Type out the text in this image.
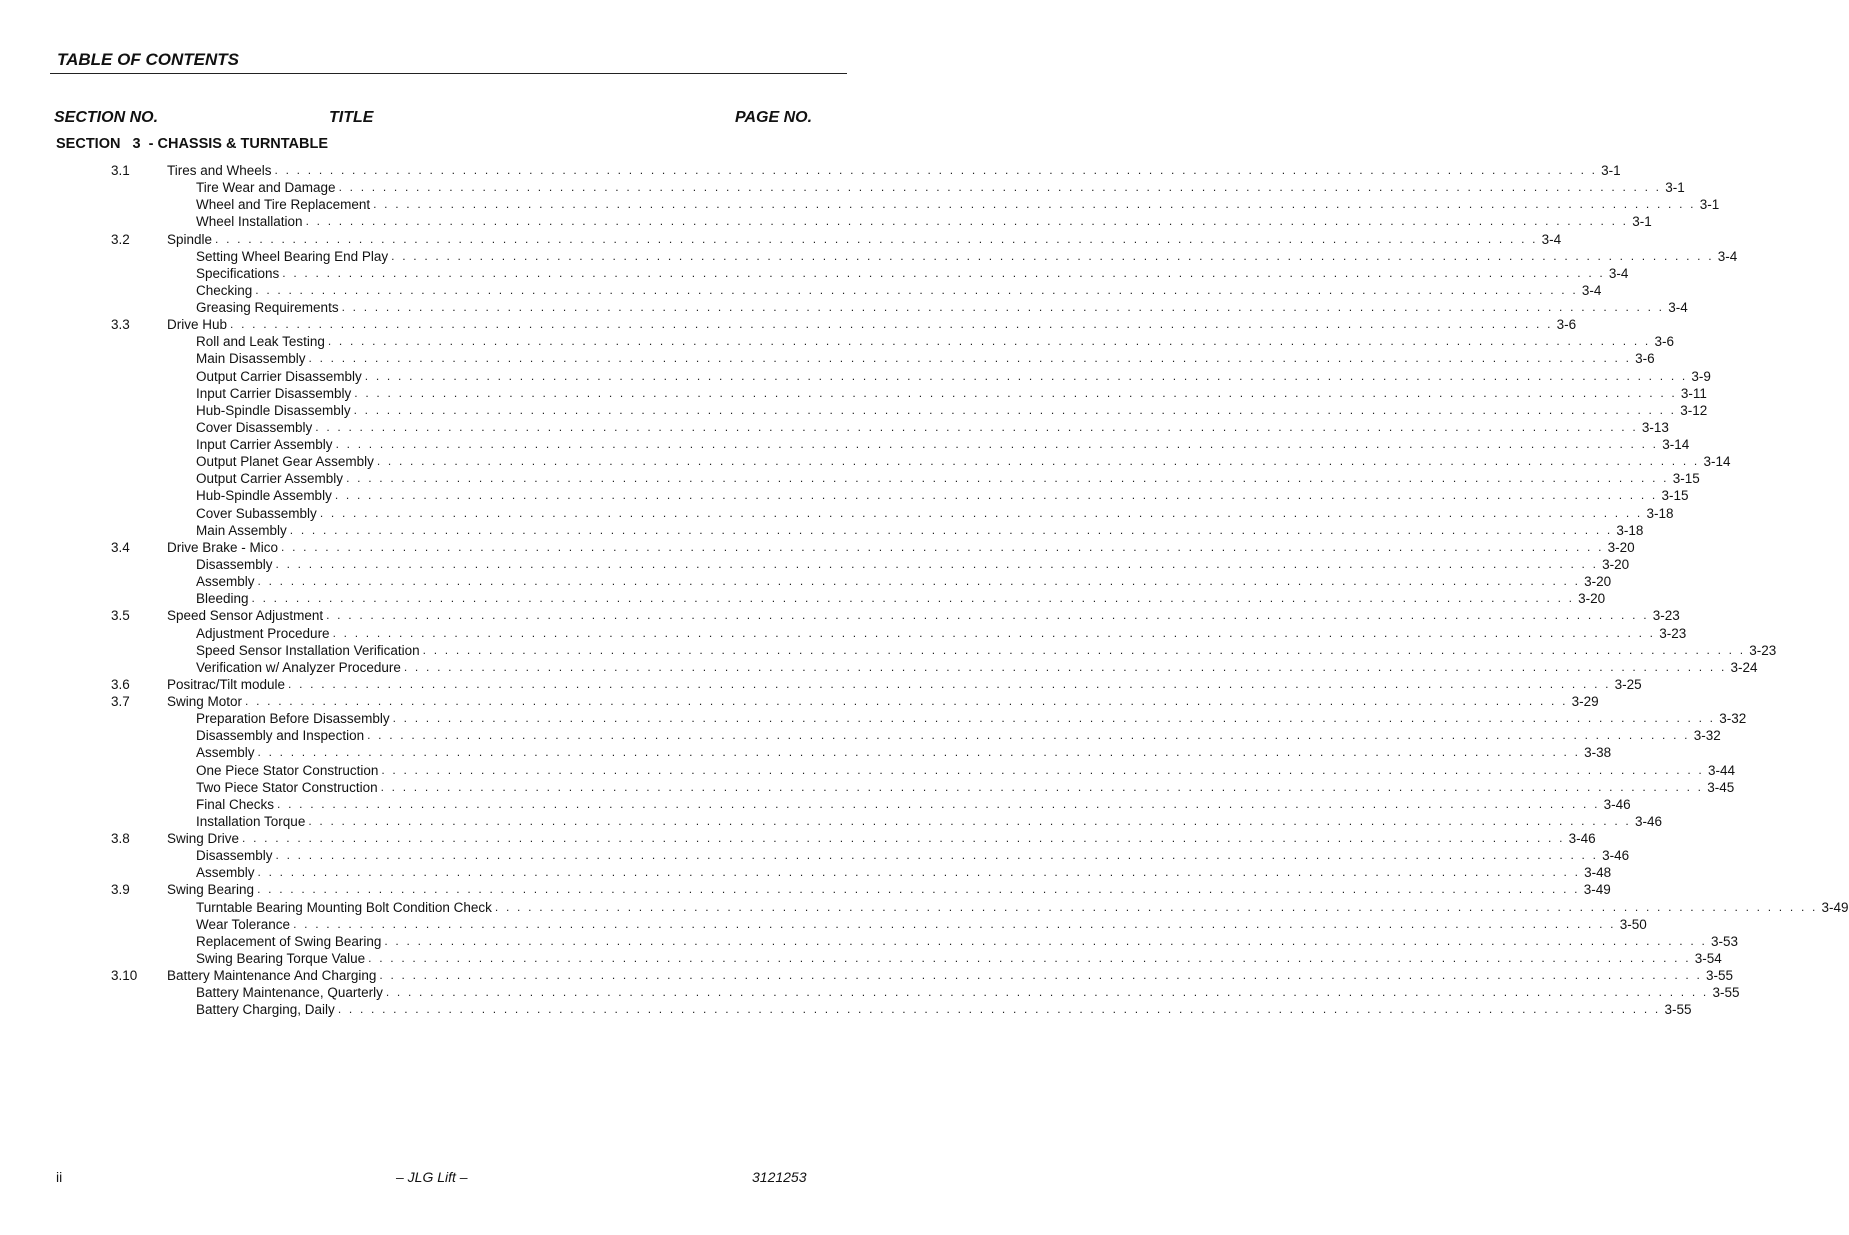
TABLE OF CONTENTS
SECTION NO.	TITLE	PAGE NO.
SECTION   3  - CHASSIS & TURNTABLE
3.1	Tires and Wheels . . . . . . . . . . . . . . . . . . . . . . . . . . . . . . . . . . . . . . . . . . . . . . . . . . . . . . . . . . . . . . . . . . . . . . . . . . . . . . . . . . . . . . . . . . . . . . . . . . . . . . . . . . . . . . . . . . . . . . . . 3-1
Tire Wear and Damage . . . . . . . . . . . . . . . . . . . . . . . . . . . . . . . . . . . . . . . . . . . . . . . . . . . . . . . . . . . . . . . . . . . . . . . . . . . . . . . . . . . . . . . . . . . . . . . . . . . . . . . . . . . . . . . . . . . . . . . . 3-1
Wheel and Tire Replacement . . . . . . . . . . . . . . . . . . . . . . . . . . . . . . . . . . . . . . . . . . . . . . . . . . . . . . . . . . . . . . . . . . . . . . . . . . . . . . . . . . . . . . . . . . . . . . . . . . . . . . . . . . . . . . . . . . . . . . . . 3-1
Wheel Installation . . . . . . . . . . . . . . . . . . . . . . . . . . . . . . . . . . . . . . . . . . . . . . . . . . . . . . . . . . . . . . . . . . . . . . . . . . . . . . . . . . . . . . . . . . . . . . . . . . . . . . . . . . . . . . . . . . . . . . . . 3-1
3.2	Spindle . . . . . . . . . . . . . . . . . . . . . . . . . . . . . . . . . . . . . . . . . . . . . . . . . . . . . . . . . . . . . . . . . . . . . . . . . . . . . . . . . . . . . . . . . . . . . . . . . . . . . . . . . . . . . . . . . . . . . . . . 3-4
Setting Wheel Bearing End Play . . . . . . . . . . . . . . . . . . . . . . . . . . . . . . . . . . . . . . . . . . . . . . . . . . . . . . . . . . . . . . . . . . . . . . . . . . . . . . . . . . . . . . . . . . . . . . . . . . . . . . . . . . . . . . . . . . . . . . . . 3-4
Specifications . . . . . . . . . . . . . . . . . . . . . . . . . . . . . . . . . . . . . . . . . . . . . . . . . . . . . . . . . . . . . . . . . . . . . . . . . . . . . . . . . . . . . . . . . . . . . . . . . . . . . . . . . . . . . . . . . . . . . . . . 3-4
Checking . . . . . . . . . . . . . . . . . . . . . . . . . . . . . . . . . . . . . . . . . . . . . . . . . . . . . . . . . . . . . . . . . . . . . . . . . . . . . . . . . . . . . . . . . . . . . . . . . . . . . . . . . . . . . . . . . . . . . . . . 3-4
Greasing Requirements . . . . . . . . . . . . . . . . . . . . . . . . . . . . . . . . . . . . . . . . . . . . . . . . . . . . . . . . . . . . . . . . . . . . . . . . . . . . . . . . . . . . . . . . . . . . . . . . . . . . . . . . . . . . . . . . . . . . . . . . 3-4
3.3	Drive Hub . . . . . . . . . . . . . . . . . . . . . . . . . . . . . . . . . . . . . . . . . . . . . . . . . . . . . . . . . . . . . . . . . . . . . . . . . . . . . . . . . . . . . . . . . . . . . . . . . . . . . . . . . . . . . . . . . . . . . . . . 3-6
Roll and Leak Testing . . . . . . . . . . . . . . . . . . . . . . . . . . . . . . . . . . . . . . . . . . . . . . . . . . . . . . . . . . . . . . . . . . . . . . . . . . . . . . . . . . . . . . . . . . . . . . . . . . . . . . . . . . . . . . . . . . . . . . . . 3-6
Main Disassembly . . . . . . . . . . . . . . . . . . . . . . . . . . . . . . . . . . . . . . . . . . . . . . . . . . . . . . . . . . . . . . . . . . . . . . . . . . . . . . . . . . . . . . . . . . . . . . . . . . . . . . . . . . . . . . . . . . . . . . . . 3-6
Output Carrier Disassembly . . . . . . . . . . . . . . . . . . . . . . . . . . . . . . . . . . . . . . . . . . . . . . . . . . . . . . . . . . . . . . . . . . . . . . . . . . . . . . . . . . . . . . . . . . . . . . . . . . . . . . . . . . . . . . . . . . . . . . . . 3-9
Input Carrier Disassembly . . . . . . . . . . . . . . . . . . . . . . . . . . . . . . . . . . . . . . . . . . . . . . . . . . . . . . . . . . . . . . . . . . . . . . . . . . . . . . . . . . . . . . . . . . . . . . . . . . . . . . . . . . . . . . . . . . . . . . . . 3-11
Hub-Spindle Disassembly . . . . . . . . . . . . . . . . . . . . . . . . . . . . . . . . . . . . . . . . . . . . . . . . . . . . . . . . . . . . . . . . . . . . . . . . . . . . . . . . . . . . . . . . . . . . . . . . . . . . . . . . . . . . . . . . . . . . . . . . 3-12
Cover Disassembly . . . . . . . . . . . . . . . . . . . . . . . . . . . . . . . . . . . . . . . . . . . . . . . . . . . . . . . . . . . . . . . . . . . . . . . . . . . . . . . . . . . . . . . . . . . . . . . . . . . . . . . . . . . . . . . . . . . . . . . . 3-13
Input Carrier Assembly . . . . . . . . . . . . . . . . . . . . . . . . . . . . . . . . . . . . . . . . . . . . . . . . . . . . . . . . . . . . . . . . . . . . . . . . . . . . . . . . . . . . . . . . . . . . . . . . . . . . . . . . . . . . . . . . . . . . . . . . 3-14
Output Planet Gear Assembly . . . . . . . . . . . . . . . . . . . . . . . . . . . . . . . . . . . . . . . . . . . . . . . . . . . . . . . . . . . . . . . . . . . . . . . . . . . . . . . . . . . . . . . . . . . . . . . . . . . . . . . . . . . . . . . . . . . . . . . . 3-14
Output Carrier Assembly . . . . . . . . . . . . . . . . . . . . . . . . . . . . . . . . . . . . . . . . . . . . . . . . . . . . . . . . . . . . . . . . . . . . . . . . . . . . . . . . . . . . . . . . . . . . . . . . . . . . . . . . . . . . . . . . . . . . . . . . 3-15
Hub-Spindle Assembly . . . . . . . . . . . . . . . . . . . . . . . . . . . . . . . . . . . . . . . . . . . . . . . . . . . . . . . . . . . . . . . . . . . . . . . . . . . . . . . . . . . . . . . . . . . . . . . . . . . . . . . . . . . . . . . . . . . . . . . . 3-15
Cover Subassembly . . . . . . . . . . . . . . . . . . . . . . . . . . . . . . . . . . . . . . . . . . . . . . . . . . . . . . . . . . . . . . . . . . . . . . . . . . . . . . . . . . . . . . . . . . . . . . . . . . . . . . . . . . . . . . . . . . . . . . . . 3-18
Main Assembly . . . . . . . . . . . . . . . . . . . . . . . . . . . . . . . . . . . . . . . . . . . . . . . . . . . . . . . . . . . . . . . . . . . . . . . . . . . . . . . . . . . . . . . . . . . . . . . . . . . . . . . . . . . . . . . . . . . . . . . . 3-18
3.4	Drive Brake - Mico . . . . . . . . . . . . . . . . . . . . . . . . . . . . . . . . . . . . . . . . . . . . . . . . . . . . . . . . . . . . . . . . . . . . . . . . . . . . . . . . . . . . . . . . . . . . . . . . . . . . . . . . . . . . . . . . . . . . . . . . 3-20
Disassembly . . . . . . . . . . . . . . . . . . . . . . . . . . . . . . . . . . . . . . . . . . . . . . . . . . . . . . . . . . . . . . . . . . . . . . . . . . . . . . . . . . . . . . . . . . . . . . . . . . . . . . . . . . . . . . . . . . . . . . . . 3-20
Assembly . . . . . . . . . . . . . . . . . . . . . . . . . . . . . . . . . . . . . . . . . . . . . . . . . . . . . . . . . . . . . . . . . . . . . . . . . . . . . . . . . . . . . . . . . . . . . . . . . . . . . . . . . . . . . . . . . . . . . . . . 3-20
Bleeding . . . . . . . . . . . . . . . . . . . . . . . . . . . . . . . . . . . . . . . . . . . . . . . . . . . . . . . . . . . . . . . . . . . . . . . . . . . . . . . . . . . . . . . . . . . . . . . . . . . . . . . . . . . . . . . . . . . . . . . . 3-20
3.5	Speed Sensor Adjustment . . . . . . . . . . . . . . . . . . . . . . . . . . . . . . . . . . . . . . . . . . . . . . . . . . . . . . . . . . . . . . . . . . . . . . . . . . . . . . . . . . . . . . . . . . . . . . . . . . . . . . . . . . . . . . . . . . . . . . . . 3-23
Adjustment Procedure . . . . . . . . . . . . . . . . . . . . . . . . . . . . . . . . . . . . . . . . . . . . . . . . . . . . . . . . . . . . . . . . . . . . . . . . . . . . . . . . . . . . . . . . . . . . . . . . . . . . . . . . . . . . . . . . . . . . . . . . 3-23
Speed Sensor Installation Verification . . . . . . . . . . . . . . . . . . . . . . . . . . . . . . . . . . . . . . . . . . . . . . . . . . . . . . . . . . . . . . . . . . . . . . . . . . . . . . . . . . . . . . . . . . . . . . . . . . . . . . . . . . . . . . . . . . . . . . . . 3-23
Verification w/ Analyzer Procedure . . . . . . . . . . . . . . . . . . . . . . . . . . . . . . . . . . . . . . . . . . . . . . . . . . . . . . . . . . . . . . . . . . . . . . . . . . . . . . . . . . . . . . . . . . . . . . . . . . . . . . . . . . . . . . . . . . . . . . . . 3-24
3.6	Positrac/Tilt module . . . . . . . . . . . . . . . . . . . . . . . . . . . . . . . . . . . . . . . . . . . . . . . . . . . . . . . . . . . . . . . . . . . . . . . . . . . . . . . . . . . . . . . . . . . . . . . . . . . . . . . . . . . . . . . . . . . . . . . . 3-25
3.7	Swing Motor . . . . . . . . . . . . . . . . . . . . . . . . . . . . . . . . . . . . . . . . . . . . . . . . . . . . . . . . . . . . . . . . . . . . . . . . . . . . . . . . . . . . . . . . . . . . . . . . . . . . . . . . . . . . . . . . . . . . . . . . 3-29
Preparation Before Disassembly . . . . . . . . . . . . . . . . . . . . . . . . . . . . . . . . . . . . . . . . . . . . . . . . . . . . . . . . . . . . . . . . . . . . . . . . . . . . . . . . . . . . . . . . . . . . . . . . . . . . . . . . . . . . . . . . . . . . . . . . 3-32
Disassembly and Inspection . . . . . . . . . . . . . . . . . . . . . . . . . . . . . . . . . . . . . . . . . . . . . . . . . . . . . . . . . . . . . . . . . . . . . . . . . . . . . . . . . . . . . . . . . . . . . . . . . . . . . . . . . . . . . . . . . . . . . . . . 3-32
Assembly . . . . . . . . . . . . . . . . . . . . . . . . . . . . . . . . . . . . . . . . . . . . . . . . . . . . . . . . . . . . . . . . . . . . . . . . . . . . . . . . . . . . . . . . . . . . . . . . . . . . . . . . . . . . . . . . . . . . . . . . 3-38
One Piece Stator Construction . . . . . . . . . . . . . . . . . . . . . . . . . . . . . . . . . . . . . . . . . . . . . . . . . . . . . . . . . . . . . . . . . . . . . . . . . . . . . . . . . . . . . . . . . . . . . . . . . . . . . . . . . . . . . . . . . . . . . . . . 3-44
Two Piece Stator Construction . . . . . . . . . . . . . . . . . . . . . . . . . . . . . . . . . . . . . . . . . . . . . . . . . . . . . . . . . . . . . . . . . . . . . . . . . . . . . . . . . . . . . . . . . . . . . . . . . . . . . . . . . . . . . . . . . . . . . . . . 3-45
Final Checks . . . . . . . . . . . . . . . . . . . . . . . . . . . . . . . . . . . . . . . . . . . . . . . . . . . . . . . . . . . . . . . . . . . . . . . . . . . . . . . . . . . . . . . . . . . . . . . . . . . . . . . . . . . . . . . . . . . . . . . . 3-46
Installation Torque . . . . . . . . . . . . . . . . . . . . . . . . . . . . . . . . . . . . . . . . . . . . . . . . . . . . . . . . . . . . . . . . . . . . . . . . . . . . . . . . . . . . . . . . . . . . . . . . . . . . . . . . . . . . . . . . . . . . . . . . 3-46
3.8	Swing Drive . . . . . . . . . . . . . . . . . . . . . . . . . . . . . . . . . . . . . . . . . . . . . . . . . . . . . . . . . . . . . . . . . . . . . . . . . . . . . . . . . . . . . . . . . . . . . . . . . . . . . . . . . . . . . . . . . . . . . . . . 3-46
Disassembly . . . . . . . . . . . . . . . . . . . . . . . . . . . . . . . . . . . . . . . . . . . . . . . . . . . . . . . . . . . . . . . . . . . . . . . . . . . . . . . . . . . . . . . . . . . . . . . . . . . . . . . . . . . . . . . . . . . . . . . . 3-46
Assembly . . . . . . . . . . . . . . . . . . . . . . . . . . . . . . . . . . . . . . . . . . . . . . . . . . . . . . . . . . . . . . . . . . . . . . . . . . . . . . . . . . . . . . . . . . . . . . . . . . . . . . . . . . . . . . . . . . . . . . . . 3-48
3.9	Swing Bearing . . . . . . . . . . . . . . . . . . . . . . . . . . . . . . . . . . . . . . . . . . . . . . . . . . . . . . . . . . . . . . . . . . . . . . . . . . . . . . . . . . . . . . . . . . . . . . . . . . . . . . . . . . . . . . . . . . . . . . . . 3-49
Turntable Bearing Mounting Bolt Condition Check . . . . . . . . . . . . . . . . . . . . . . . . . . . . . . . . . . . . . . . . . . . . . . . . . . . . . . . . . . . . . . . . . . . . . . . . . . . . . . . . . . . . . . . . . . . . . . . . . . . . . . . . . . . . . . . . . . . . . . . . 3-49
Wear Tolerance . . . . . . . . . . . . . . . . . . . . . . . . . . . . . . . . . . . . . . . . . . . . . . . . . . . . . . . . . . . . . . . . . . . . . . . . . . . . . . . . . . . . . . . . . . . . . . . . . . . . . . . . . . . . . . . . . . . . . . . . 3-50
Replacement of Swing Bearing . . . . . . . . . . . . . . . . . . . . . . . . . . . . . . . . . . . . . . . . . . . . . . . . . . . . . . . . . . . . . . . . . . . . . . . . . . . . . . . . . . . . . . . . . . . . . . . . . . . . . . . . . . . . . . . . . . . . . . . . 3-53
Swing Bearing Torque Value . . . . . . . . . . . . . . . . . . . . . . . . . . . . . . . . . . . . . . . . . . . . . . . . . . . . . . . . . . . . . . . . . . . . . . . . . . . . . . . . . . . . . . . . . . . . . . . . . . . . . . . . . . . . . . . . . . . . . . . . 3-54
3.10 Battery Maintenance And Charging . . . . . . . . . . . . . . . . . . . . . . . . . . . . . . . . . . . . . . . . . . . . . . . . . . . . . . . . . . . . . . . . . . . . . . . . . . . . . . . . . . . . . . . . . . . . . . . . . . . . . . . . . . . . . . . . . . . . . . . . 3-55
Battery Maintenance, Quarterly . . . . . . . . . . . . . . . . . . . . . . . . . . . . . . . . . . . . . . . . . . . . . . . . . . . . . . . . . . . . . . . . . . . . . . . . . . . . . . . . . . . . . . . . . . . . . . . . . . . . . . . . . . . . . . . . . . . . . . . . 3-55
Battery Charging, Daily . . . . . . . . . . . . . . . . . . . . . . . . . . . . . . . . . . . . . . . . . . . . . . . . . . . . . . . . . . . . . . . . . . . . . . . . . . . . . . . . . . . . . . . . . . . . . . . . . . . . . . . . . . . . . . . . . . . . . . . . 3-55
ii	– JLG Lift –	3121253
